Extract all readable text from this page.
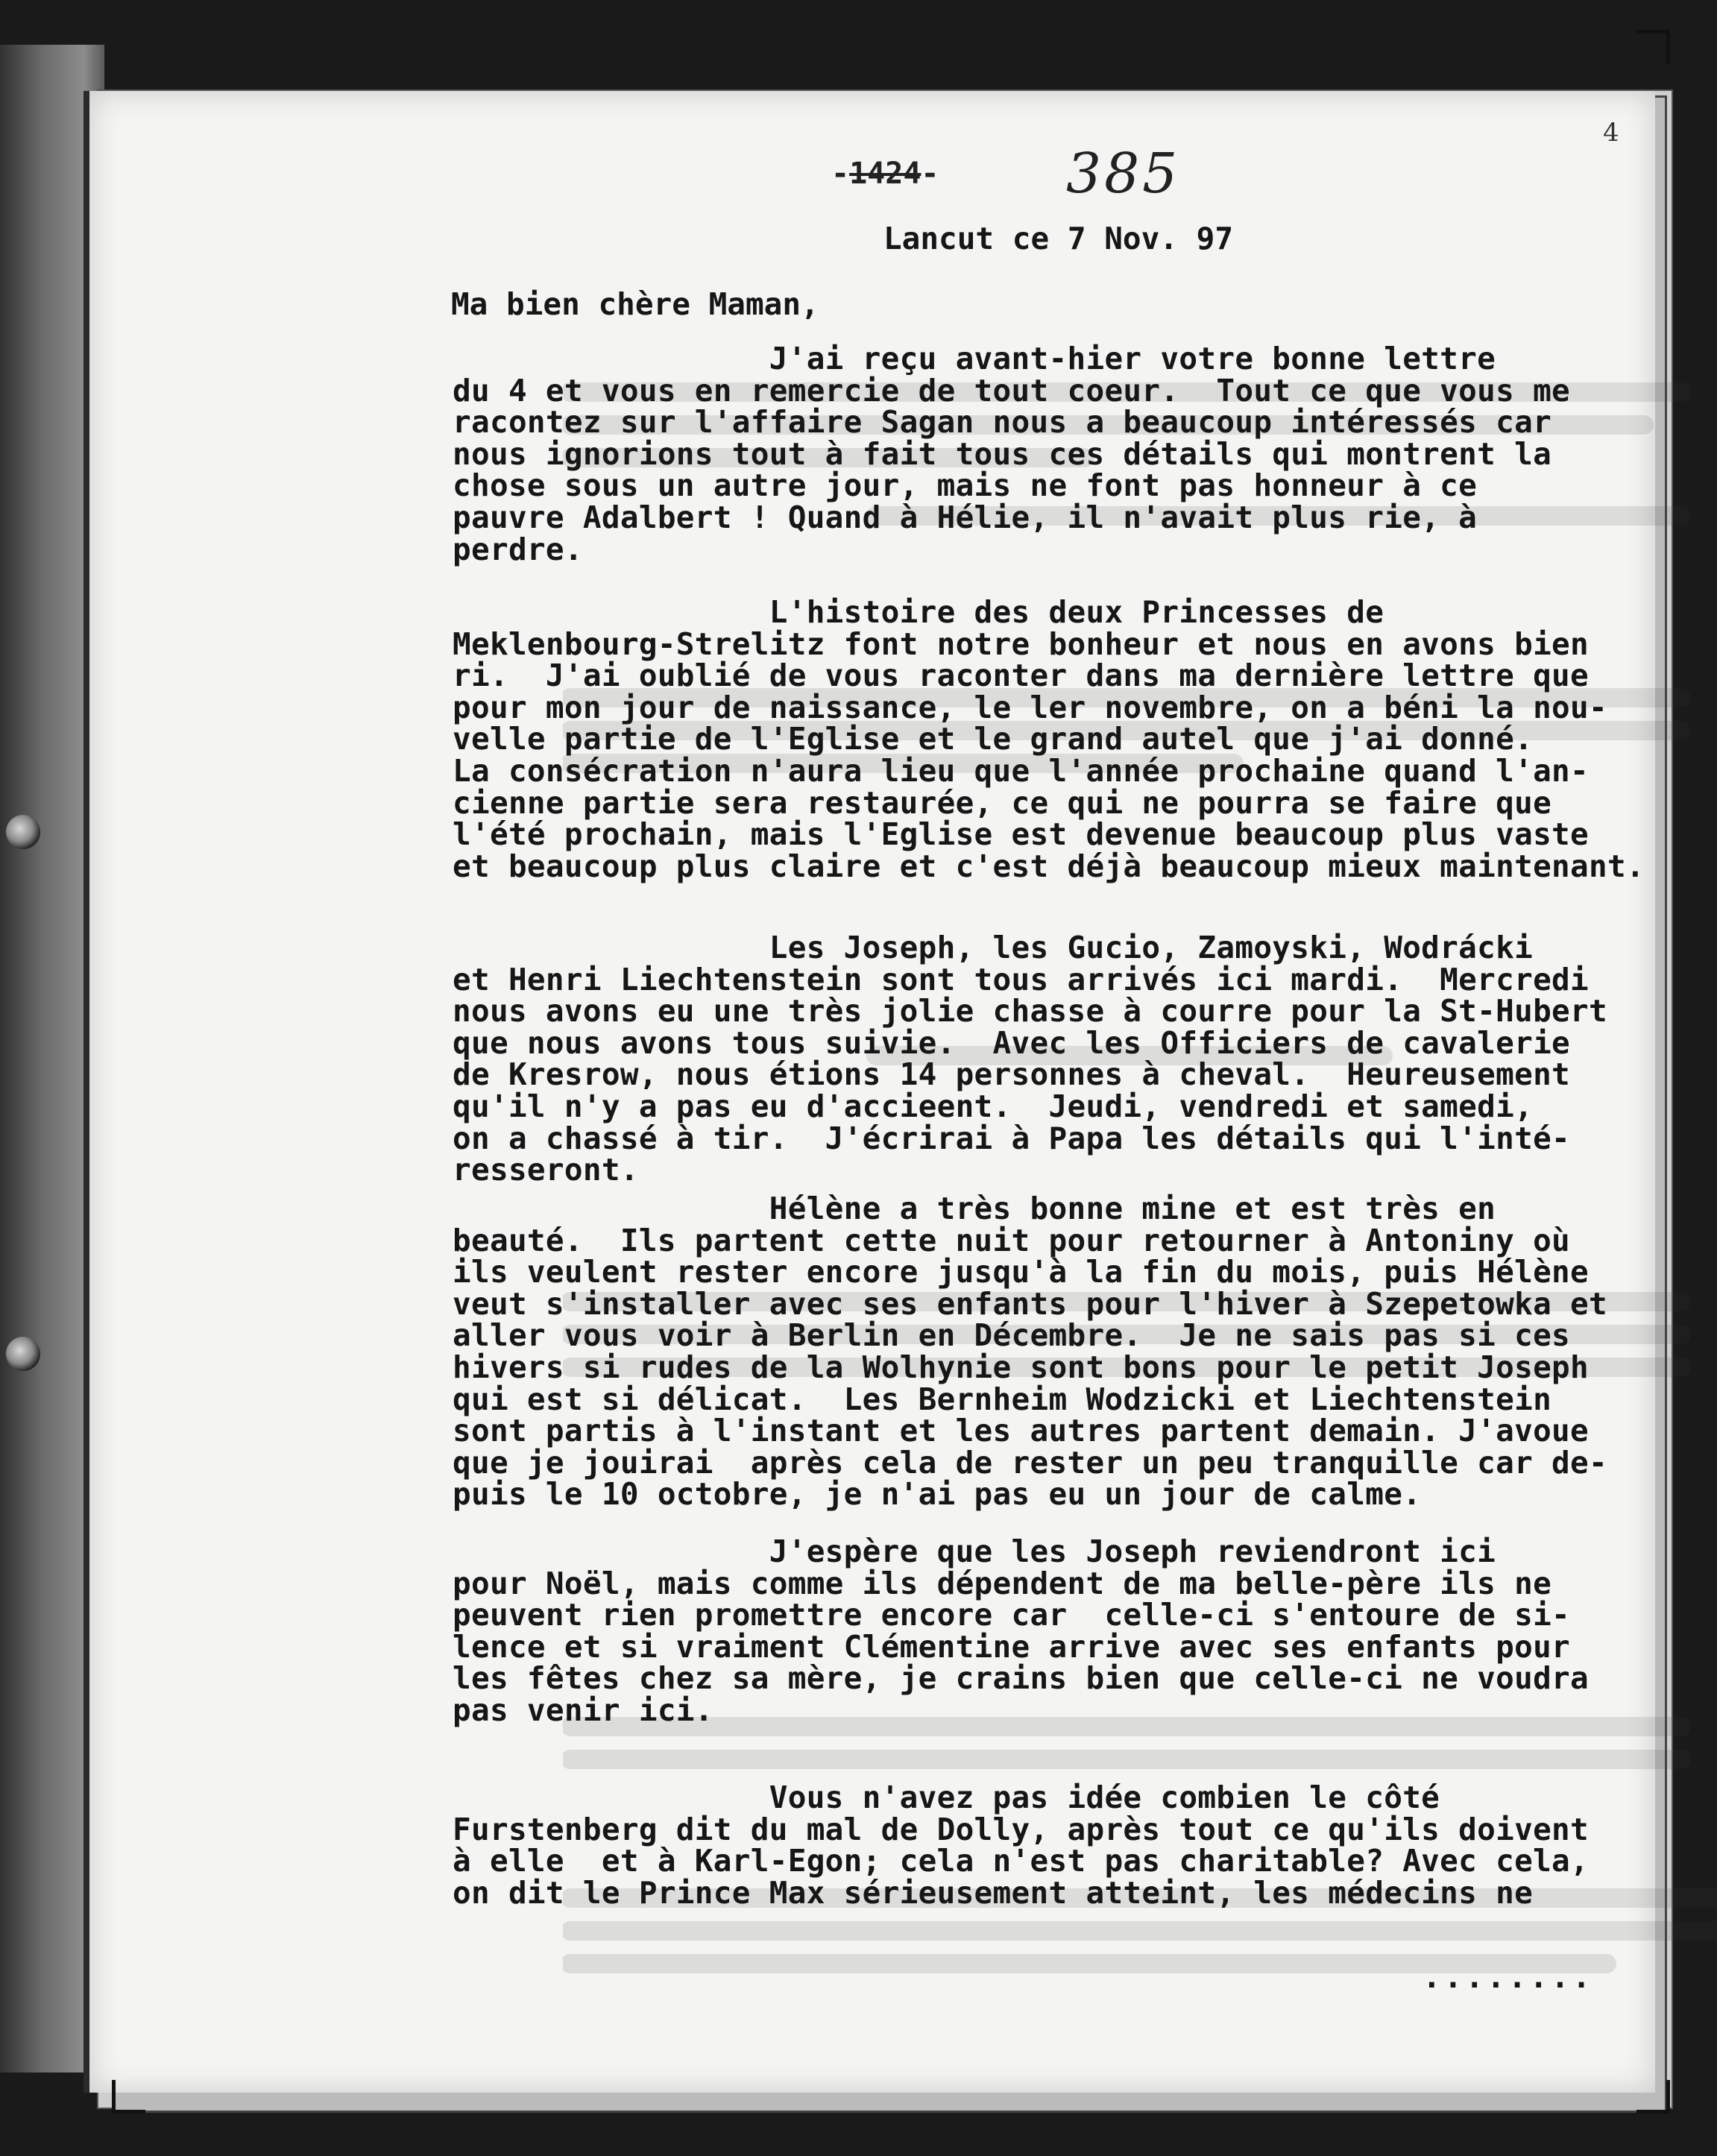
-1424- 385
4
Lancut ce 7 Nov. 97
Ma bien chère Maman,
J'ai reçu avant-hier votre bonne lettre
du 4 et vous en remercie de tout coeur.  Tout ce que vous me
racontez sur l'affaire Sagan nous a beaucoup intéressés car
nous ignorions tout à fait tous ces détails qui montrent la
chose sous un autre jour, mais ne font pas honneur à ce
pauvre Adalbert ! Quand à Hélie, il n'avait plus rie, à
perdre.
L'histoire des deux Princesses de
Meklenbourg-Strelitz font notre bonheur et nous en avons bien
ri.  J'ai oublié de vous raconter dans ma dernière lettre que
pour mon jour de naissance, le ler novembre, on a béni la nou-
velle partie de l'Eglise et le grand autel que j'ai donné.
La consécration n'aura lieu que l'année prochaine quand l'an-
cienne partie sera restaurée, ce qui ne pourra se faire que
l'été prochain, mais l'Eglise est devenue beaucoup plus vaste
et beaucoup plus claire et c'est déjà beaucoup mieux maintenant.
Les Joseph, les Gucio, Zamoyski, Wodrácki
et Henri Liechtenstein sont tous arrivés ici mardi.  Mercredi
nous avons eu une très jolie chasse à courre pour la St-Hubert
que nous avons tous suivie.  Avec les Officiers de cavalerie
de Kresrow, nous étions 14 personnes à cheval.  Heureusement
qu'il n'y a pas eu d'accieent.  Jeudi, vendredi et samedi,
on a chassé à tir.  J'écrirai à Papa les détails qui l'inté-
resseront.
Hélène a très bonne mine et est très en
beauté.  Ils partent cette nuit pour retourner à Antoniny où
ils veulent rester encore jusqu'à la fin du mois, puis Hélène
veut s'installer avec ses enfants pour l'hiver à Szepetowka et
aller vous voir à Berlin en Décembre.  Je ne sais pas si ces
hivers si rudes de la Wolhynie sont bons pour le petit Joseph
qui est si délicat.  Les Bernheim Wodzicki et Liechtenstein
sont partis à l'instant et les autres partent demain. J'avoue
que je jouirai  après cela de rester un peu tranquille car de-
puis le 10 octobre, je n'ai pas eu un jour de calme.
J'espère que les Joseph reviendront ici
pour Noël, mais comme ils dépendent de ma belle-père ils ne
peuvent rien promettre encore car  celle-ci s'entoure de si-
lence et si vraiment Clémentine arrive avec ses enfants pour
les fêtes chez sa mère, je crains bien que celle-ci ne voudra
pas venir ici.
Vous n'avez pas idée combien le côté
Furstenberg dit du mal de Dolly, après tout ce qu'ils doivent
à elle  et à Karl-Egon; cela n'est pas charitable? Avec cela,
on dit le Prince Max sérieusement atteint, les médecins ne
........
